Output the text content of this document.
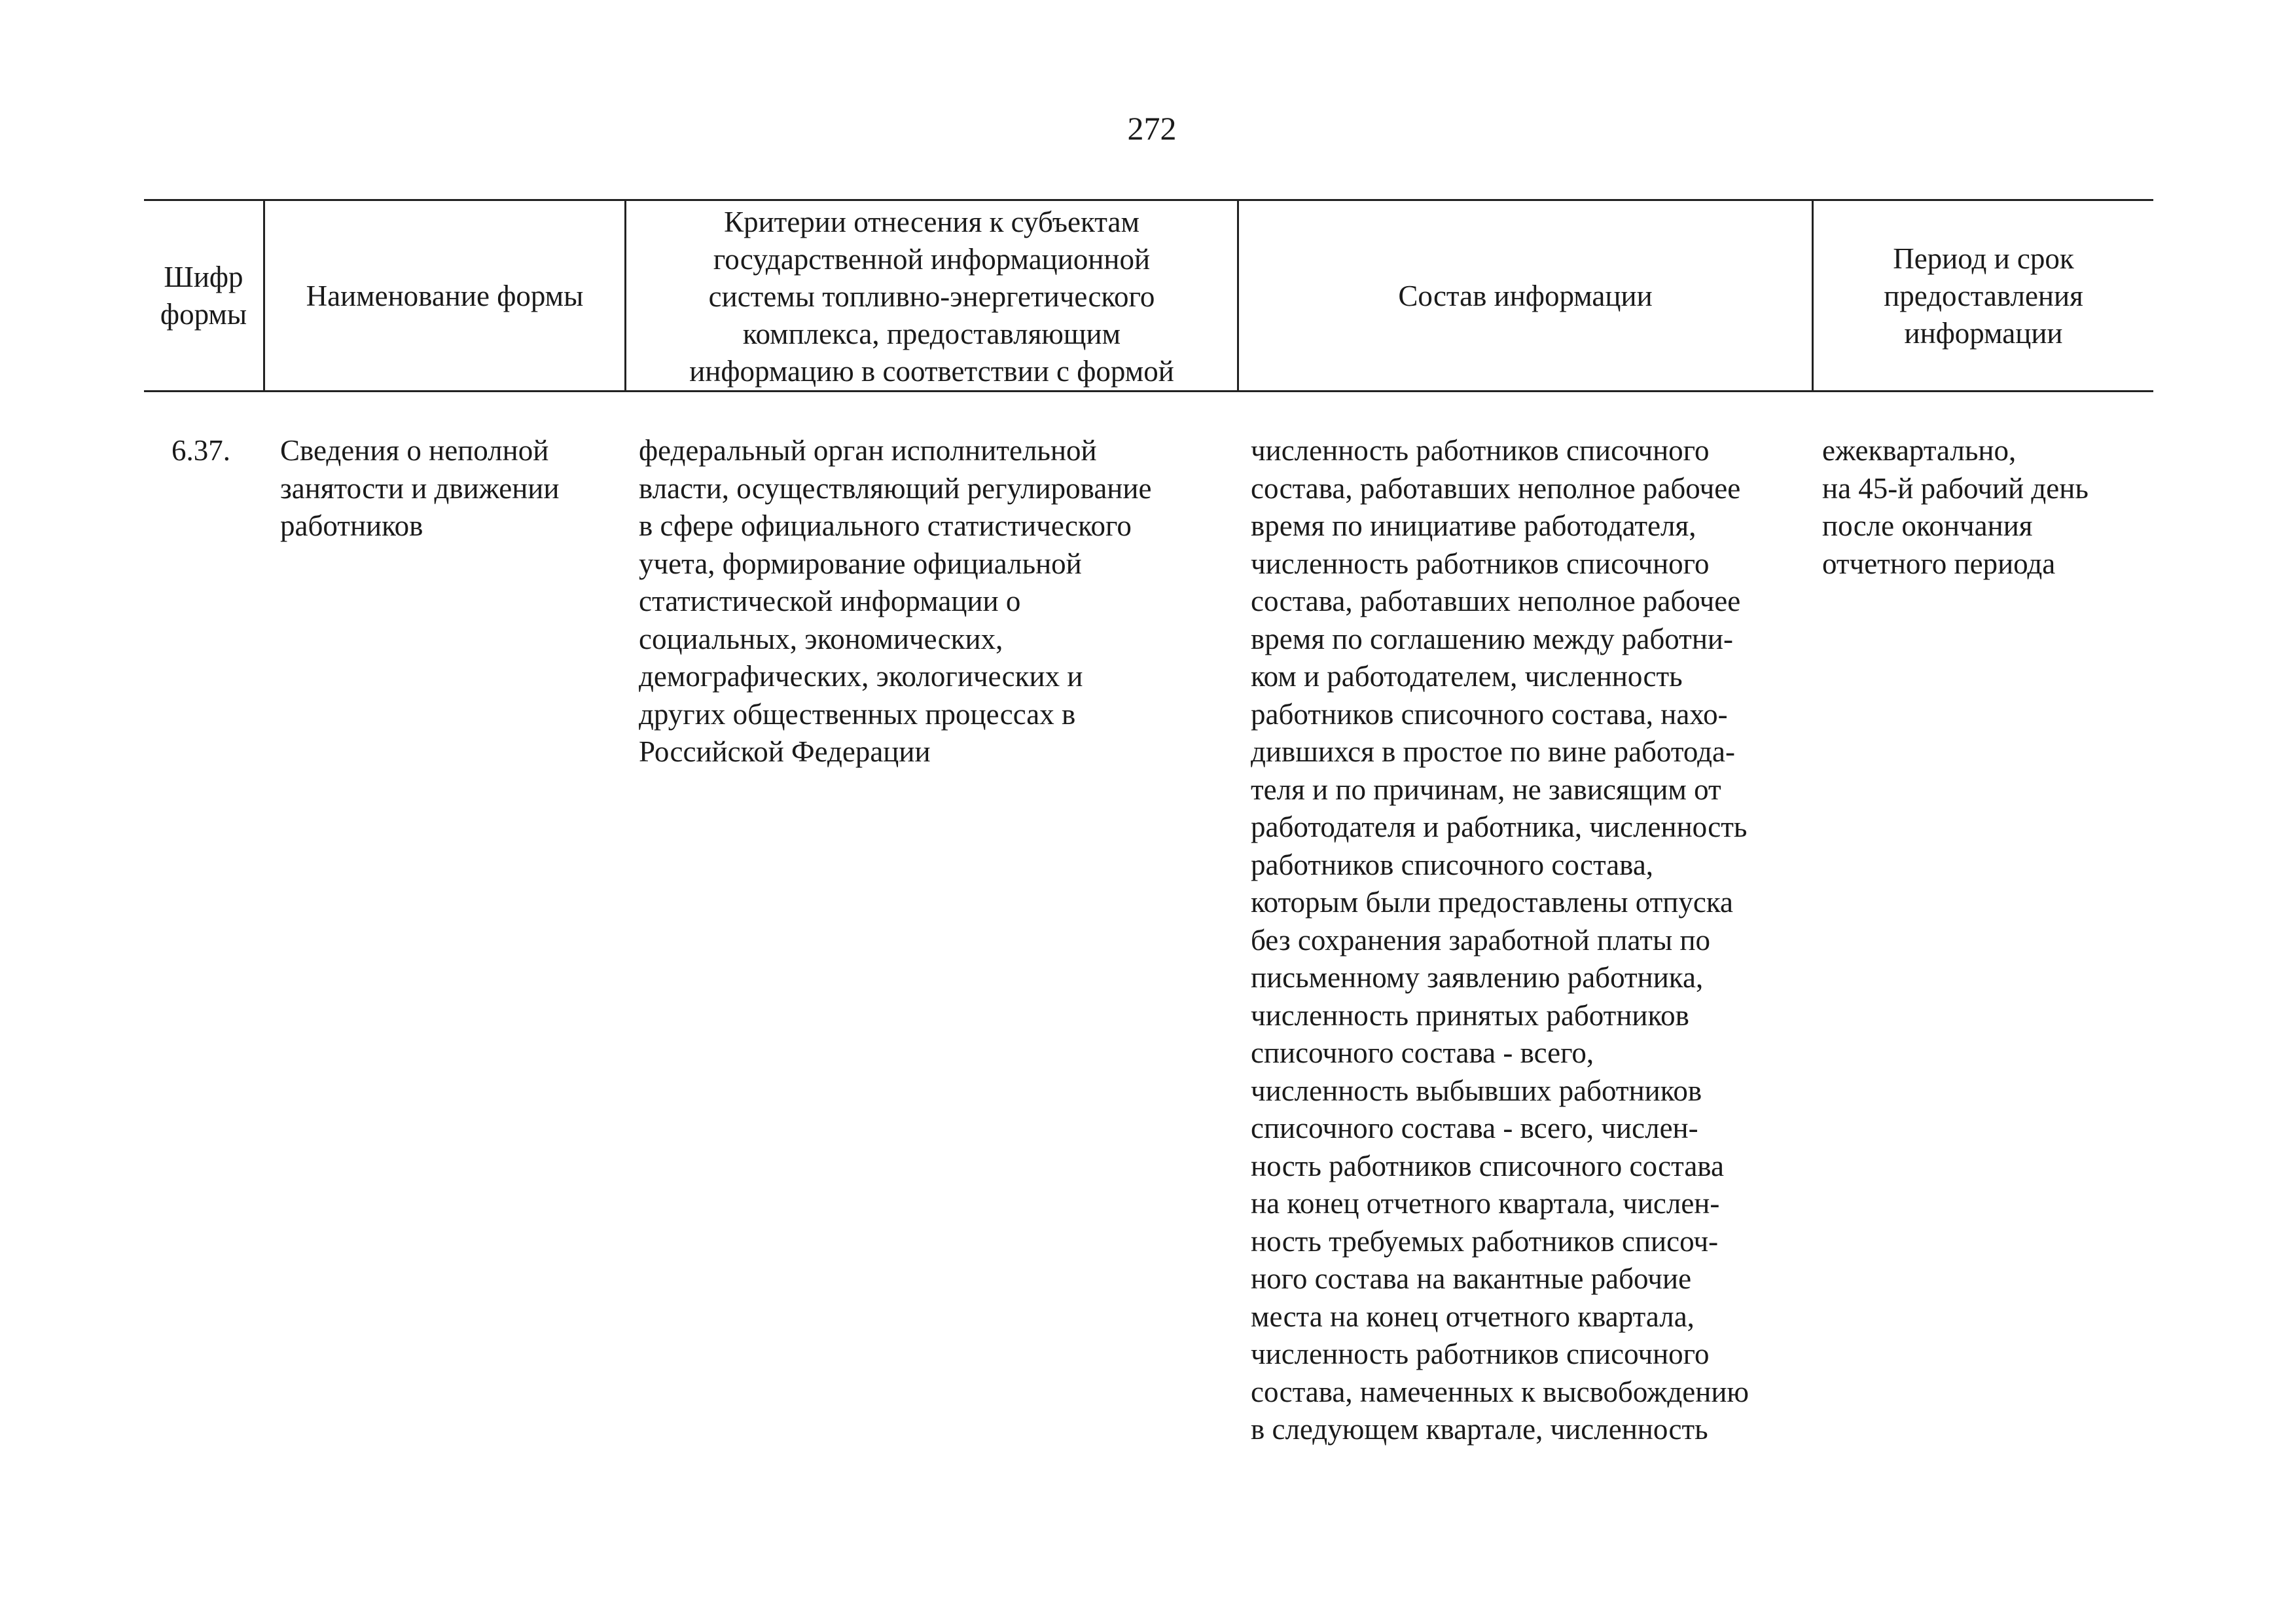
272
Шифр
формы
Наименование формы
Критерии отнесения к субъектам
государственной информационной
системы топливно-энергетического
комплекса, предоставляющим
информацию в соответствии с формой
Состав информации
Период и срок
предоставления
информации
6.37.	Сведения о неполной
занятости и движении
работников
федеральный орган исполнительной
власти, осуществляющий регулирование
в сфере официального статистического
учета, формирование официальной
статистической информации о
социальных, экономических,
демографических, экологических и
других общественных процессах в
Российской Федерации
численность работников списочного
состава, работавших неполное рабочее
время по инициативе работодателя,
численность работников списочного
состава, работавших неполное рабочее
время по соглашению между работни-
ком и работодателем, численность
работников списочного состава, нахо-
дившихся в простое по вине работода-
теля и по причинам, не зависящим от
работодателя и работника, численность
работников списочного состава,
которым были предоставлены отпуска
без сохранения заработной платы по
письменному заявлению работника,
численность принятых работников
списочного состава - всего,
численность выбывших работников
списочного состава - всего, числен-
ность работников списочного состава
на конец отчетного квартала, числен-
ность требуемых работников списоч-
ного состава на вакантные рабочие
места на конец отчетного квартала,
численность работников списочного
состава, намеченных к высвобождению
в следующем квартале, численность
ежеквартально,
на 45-й рабочий день
после окончания
отчетного периода
